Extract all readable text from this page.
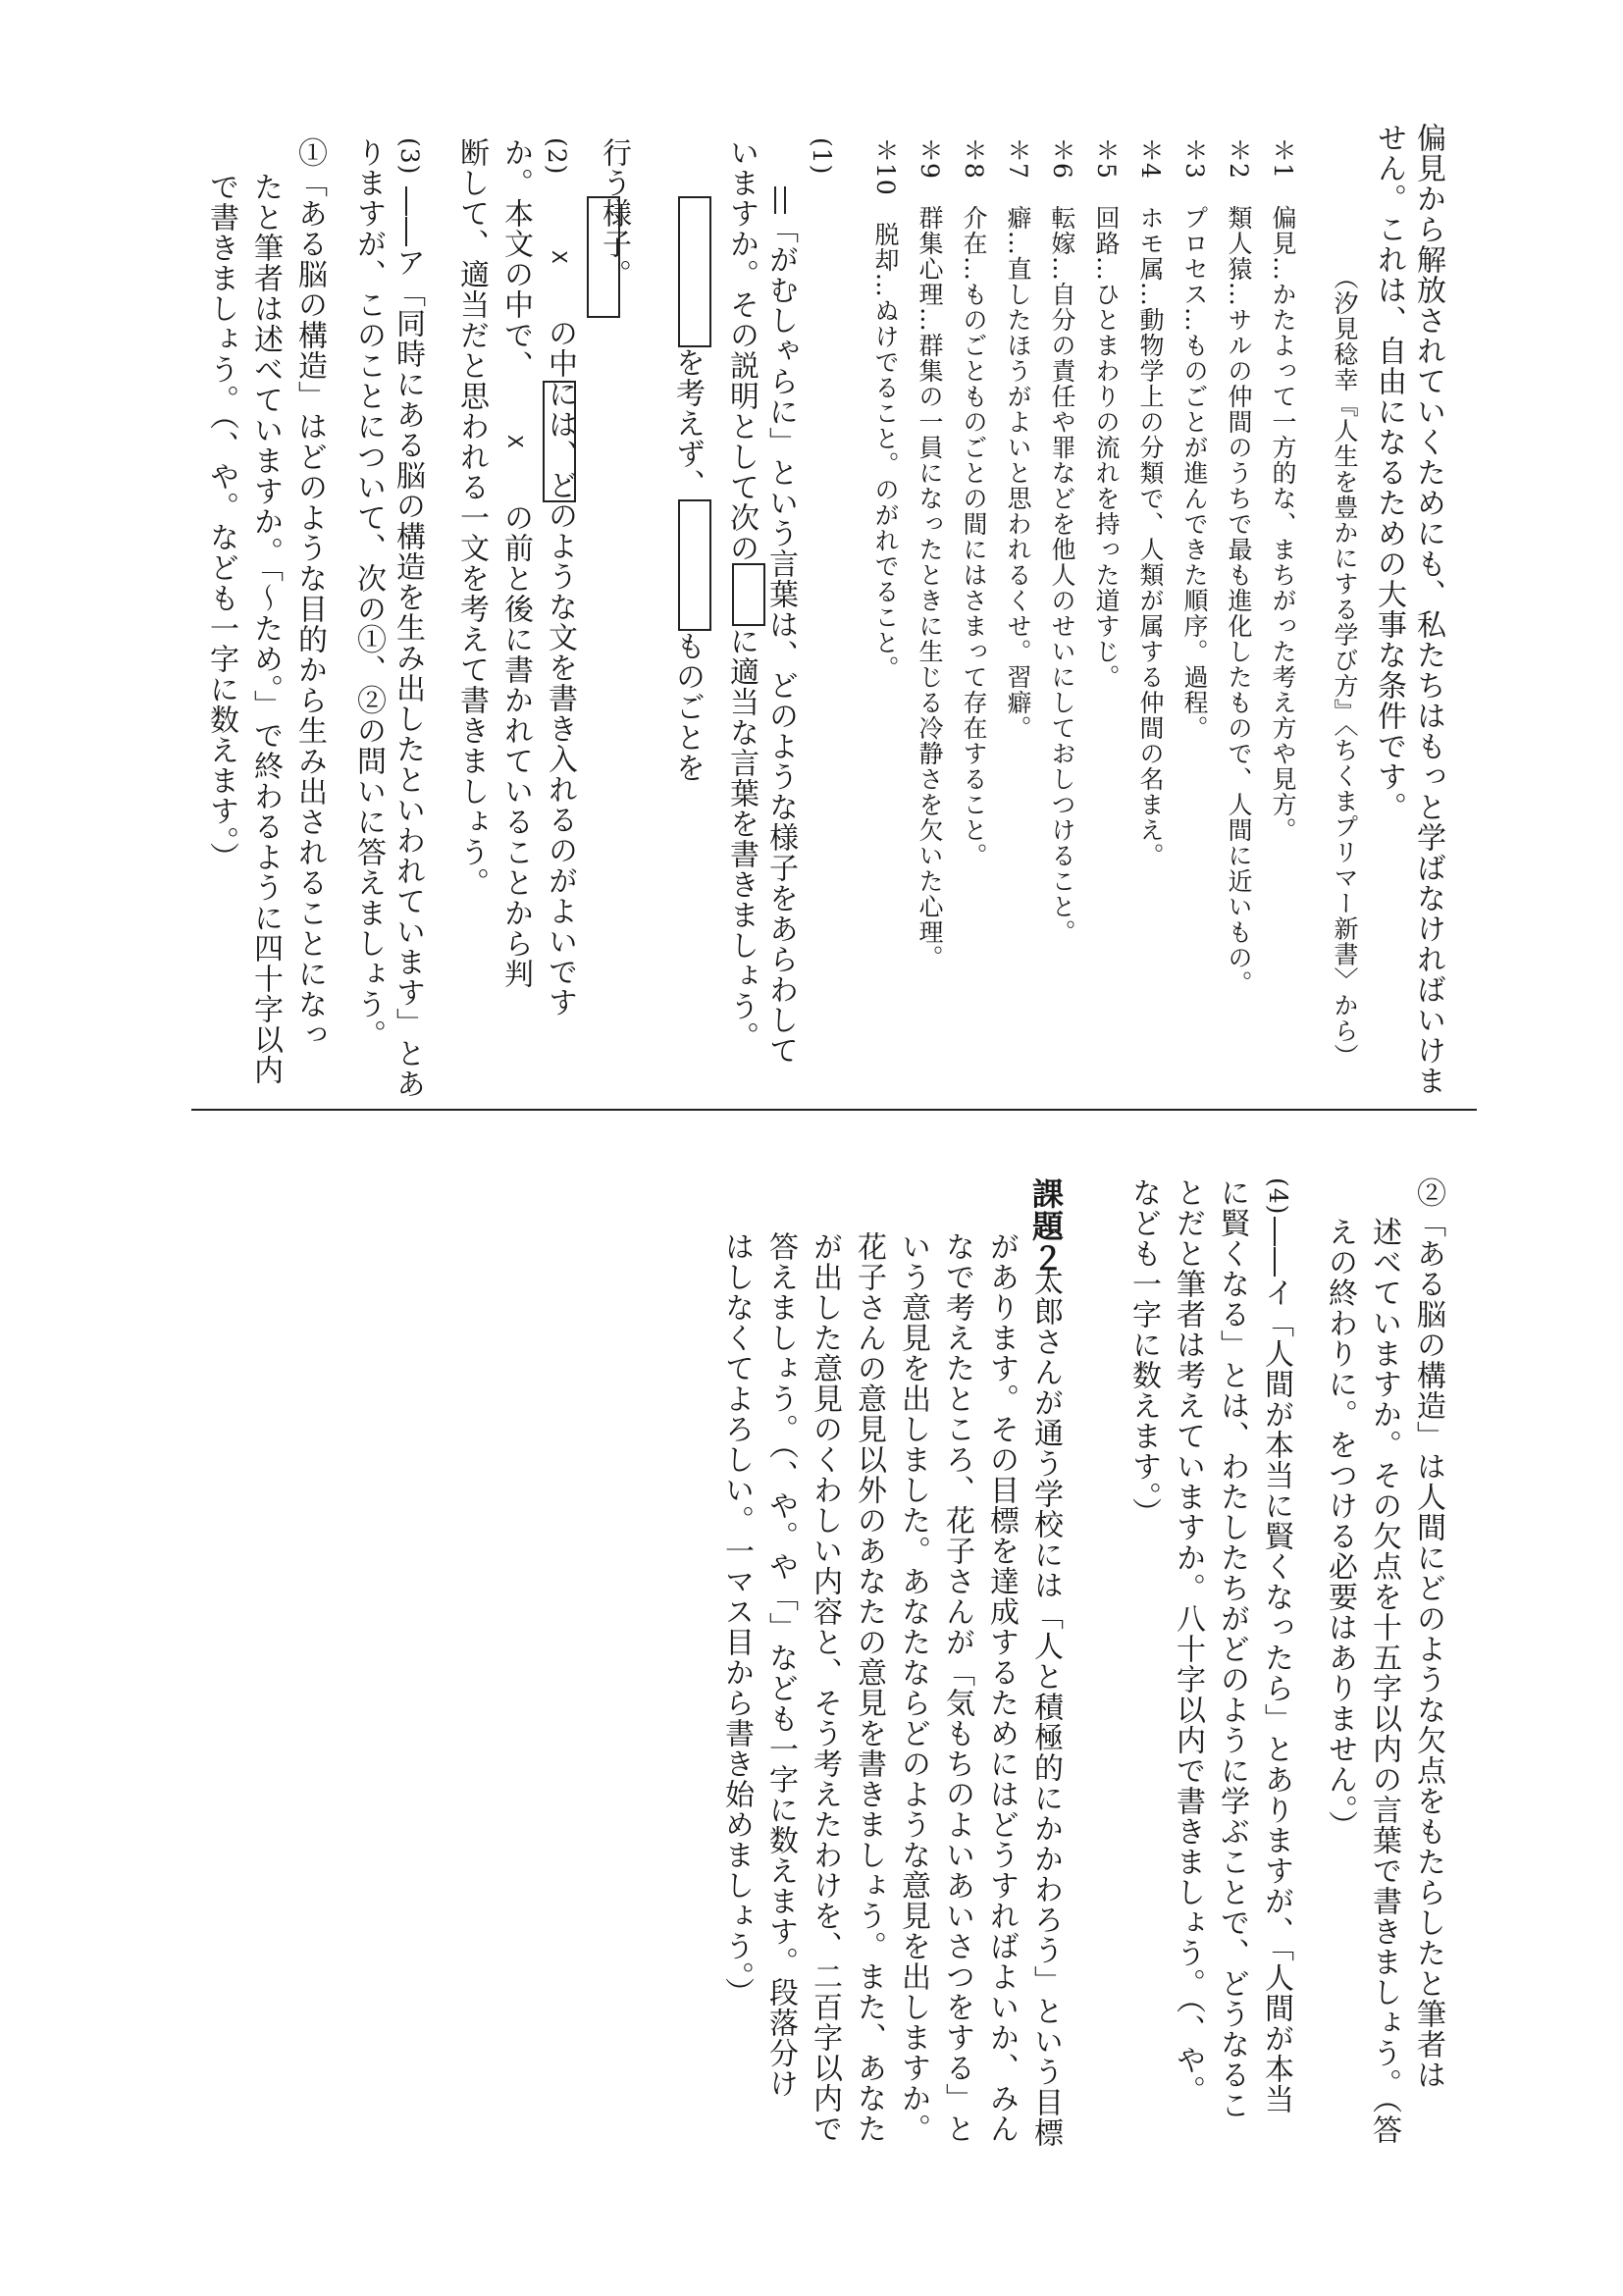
偏見から解放されていくためにも、私たちはもっと学ばなければいけま
せん。これは、自由になるための大事な条件です。
（汐見稔幸『人生を豊かにする学び方』〈ちくまプリマー新書〉から）
＊1　偏見…かたよって一方的な、まちがった考え方や見方。
＊2　類人猿…サルの仲間のうちで最も進化したもので、人間に近いもの。
＊3　プロセス…ものごとが進んできた順序。過程。
＊4　ホモ属…動物学上の分類で、人類が属する仲間の名まえ。
＊5　回路…ひとまわりの流れを持った道すじ。
＊6　転嫁…自分の責任や罪などを他人のせいにしておしつけること。
＊7　癖…直したほうがよいと思われるくせ。習癖。
＊8　介在…ものごとものごとの間にはさまって存在すること。
＊9　群集心理…群集の一員になったときに生じる冷静さを欠いた心理。
＊10　脱却…ぬけでること。のがれでること。
(1)
「がむしゃらに」という言葉は、どのような様子をあらわして
いますか。その説明として次のに適当な言葉を書きましょう。
を考えず、ものごとを
行う様子。
(2)
Xの中には、どのような文を書き入れるのがよいです
か。本文の中で、Xの前と後に書かれていることから判
断して、適当だと思われる一文を考えて書きましょう。
(3)
――ア「同時にある脳の構造を生み出したといわれています」とあ
りますが、このことについて、次の①、②の問いに答えましょう。
①「ある脳の構造」はどのような目的から生み出されることになっ
たと筆者は述べていますか。「〜ため。」で終わるように四十字以内
で書きましょう。（、や。なども一字に数えます。）
②「ある脳の構造」は人間にどのような欠点をもたらしたと筆者は
述べていますか。その欠点を十五字以内の言葉で書きましょう。（答
えの終わりに。をつける必要はありません。）
(4)
――イ「人間が本当に賢くなったら」とありますが、「人間が本当
に賢くなる」とは、わたしたちがどのように学ぶことで、どうなるこ
とだと筆者は考えていますか。八十字以内で書きましょう。（、や。
なども一字に数えます。）
課題２
太郎さんが通う学校には「人と積極的にかかわろう」という目標
があります。その目標を達成するためにはどうすればよいか、みん
なで考えたところ、花子さんが「気もちのよいあいさつをする」と
いう意見を出しました。あなたならどのような意見を出しますか。
花子さんの意見以外のあなたの意見を書きましょう。また、あなた
が出した意見のくわしい内容と、そう考えたわけを、二百字以内で
答えましょう。（、や。や「」なども一字に数えます。段落分け
はしなくてよろしい。一マス目から書き始めましょう。）
